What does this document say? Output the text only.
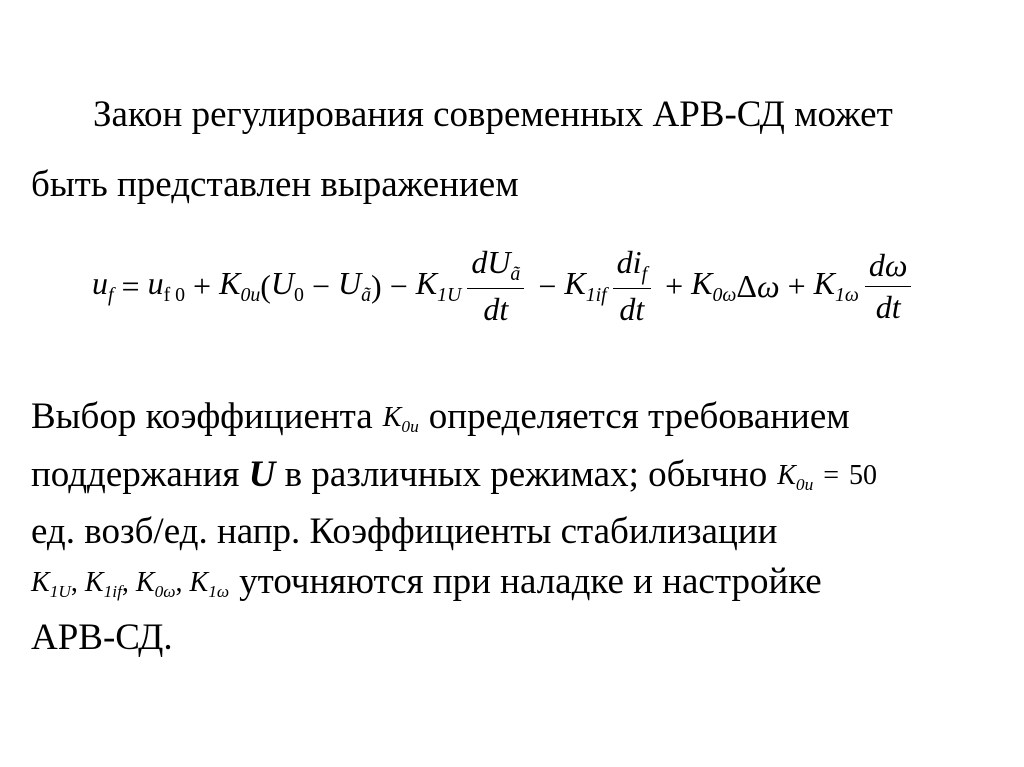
Закон регулирования современных АРВ-СД может
быть представлен выражением
$u_f = u_{f 0} + K_{0u}$ ( $U_0 - U_ã$ ) − $K_{1U} \frac{dU_ã}{dt} - K_{1if} \frac{di_f}{dt} + K_{0\omega}$ Δ $\omega + K_{1\omega} \frac{d\omega}{dt}$
Выбор коэффициента $K_{0u}$ определяется требованием
поддержания U в различных режимах; обычно $K_{0u} = 50$
ед. возб/ед. напр. Коэффициенты стабилизации
$K_{1U}$, $K_{1if}$, $K_{0\omega}$, $K_{1\omega}$ уточняются при наладке и настройке
АРВ-СД.
